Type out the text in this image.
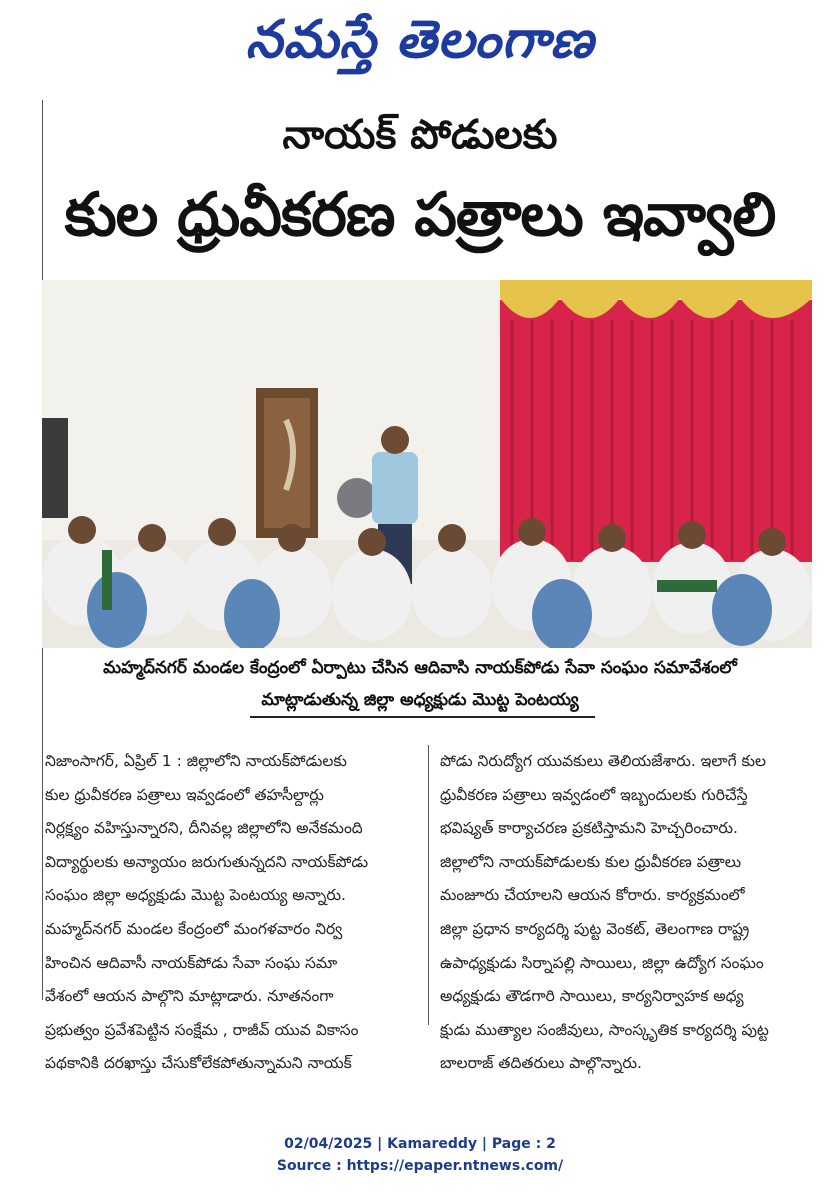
నమస్తే తెలంగాణ
నాయక్ పోడులకు
కుల ధ్రువీకరణ పత్రాలు ఇవ్వాలి
మహ్మద్‌నగర్ మండల కేంద్రంలో ఏర్పాటు చేసిన ఆదివాసి నాయక్‌పోడు సేవా సంఘం సమావేశంలో
మాట్లాడుతున్న జిల్లా అధ్యక్షుడు మొట్ట పెంటయ్య

నిజాంసాగర్, ఏప్రిల్ 1 : జిల్లాలోని నాయక్‌పోడులకు

కుల ధ్రువీకరణ పత్రాలు ఇవ్వడంలో తహసీల్దార్లు

నిర్లక్ష్యం వహిస్తున్నారని, దీనివల్ల జిల్లాలోని అనేకమంది

విద్యార్థులకు అన్యాయం జరుగుతున్నదని నాయక్‌పోడు

సంఘం జిల్లా అధ్యక్షుడు మొట్ట పెంటయ్య అన్నారు.

మహ్మద్‌నగర్ మండల కేంద్రంలో మంగళవారం నిర్వ

హించిన ఆదివాసీ నాయక్‌పోడు సేవా సంఘ సమా

వేశంలో ఆయన పాల్గొని మాట్లాడారు. నూతనంగా

ప్రభుత్వం ప్రవేశపెట్టిన సంక్షేమ , రాజీవ్ యువ వికాసం

పథకానికి దరఖాస్తు చేసుకోలేకపోతున్నామని నాయక్

పోడు నిరుద్యోగ యువకులు తెలియజేశారు. ఇలాగే కుల

ధ్రువీకరణ పత్రాలు ఇవ్వడంలో ఇబ్బందులకు గురిచేస్తే

భవిష్యత్ కార్యాచరణ ప్రకటిస్తామని హెచ్చరించారు.

జిల్లాలోని నాయక్‌పోడులకు కుల ధ్రువీకరణ పత్రాలు

మంజూరు చేయాలని ఆయన కోరారు. కార్యక్రమంలో

జిల్లా ప్రధాన కార్యదర్శి పుట్ట వెంకట్, తెలంగాణ రాష్ట్ర

ఉపాధ్యక్షుడు సిర్నాపల్లి సాయిలు, జిల్లా ఉద్యోగ సంఘం

అధ్యక్షుడు తౌడగారి సాయిలు, కార్యనిర్వాహక అధ్య

క్షుడు ముత్యాల సంజీవులు, సాంస్కృతిక కార్యదర్శి పుట్ట

బాలరాజ్ తదితరులు పాల్గొన్నారు.

02/04/2025 | Kamareddy | Page : 2
Source : https://epaper.ntnews.com/
